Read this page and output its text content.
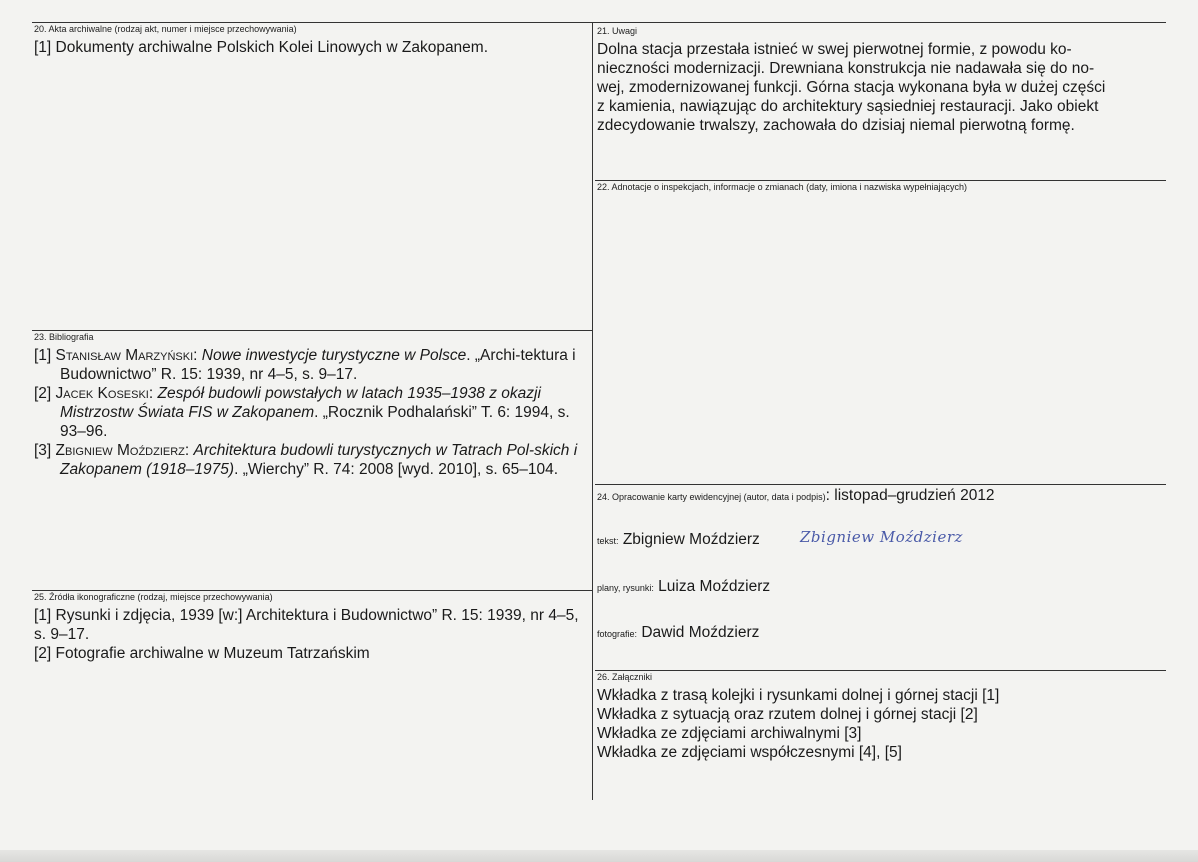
20. Akta archiwalne (rodzaj akt, numer i miejsce przechowywania)
[1] Dokumenty archiwalne Polskich Kolei Linowych w Zakopanem.
21. Uwagi
Dolna stacja przestała istnieć w swej pierwotnej formie, z powodu ko-
nieczności modernizacji. Drewniana konstrukcja nie nadawała się do no-
wej, zmodernizowanej funkcji. Górna stacja wykonana była w dużej części
z kamienia, nawiązując do architektury sąsiedniej restauracji. Jako obiekt
zdecydowanie trwalszy, zachowała do dzisiaj niemal pierwotną formę.
22. Adnotacje o inspekcjach, informacje o zmianach (daty, imiona i nazwiska wypełniających)
23. Bibliografia
[1] Stanisław Marzyński: Nowe inwestycje turystyczne w Polsce. „Archi-tektura i Budownictwo” R. 15: 1939, nr 4–5, s. 9–17.
[2] Jacek Koseski: Zespół budowli powstałych w latach 1935–1938 z okazji Mistrzostw Świata FIS w Zakopanem. „Rocznik Podhalański” T. 6: 1994, s. 93–96.
[3] Zbigniew Moździerz: Architektura budowli turystycznych w Tatrach Pol-skich i Zakopanem (1918–1975). „Wierchy” R. 74: 2008 [wyd. 2010], s. 65–104.
24. Opracowanie karty ewidencyjnej (autor, data i podpis): listopad–grudzień 2012
tekst: Zbigniew Moździerz	Zbigniew Moździerz
plany, rysunki: Luiza Moździerz
fotografie: Dawid Moździerz
25. Źródła ikonograficzne (rodzaj, miejsce przechowywania)
[1] Rysunki i zdjęcia, 1939 [w:] Architektura i Budownictwo” R. 15: 1939, nr 4–5, s. 9–17.
[2] Fotografie archiwalne w Muzeum Tatrzańskim
26. Załączniki
Wkładka z trasą kolejki i rysunkami dolnej i górnej stacji [1]
Wkładka z sytuacją oraz rzutem dolnej i górnej stacji [2]
Wkładka ze zdjęciami archiwalnymi [3]
Wkładka ze zdjęciami współczesnymi [4], [5]
